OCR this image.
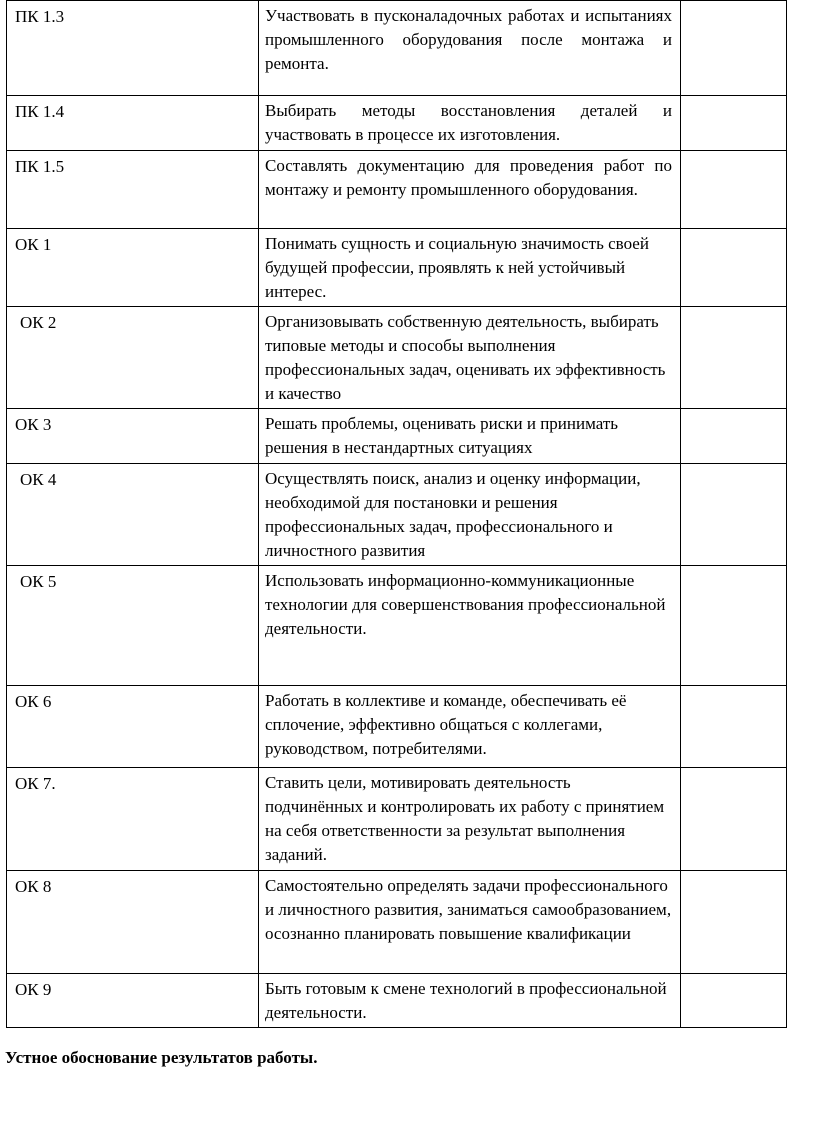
ПК 1.3	Участвовать в пусконаладочных работах и испытаниях промышленного оборудования после монтажа и ремонта.	
ПК 1.4	Выбирать методы восстановления деталей и участвовать в процессе их изготовления.	
ПК 1.5	Составлять документацию для проведения работ по монтажу и ремонту промышленного оборудования.	
ОК 1	Понимать сущность и социальную значимость своей будущей профессии, проявлять к ней устойчивый интерес.	
ОК 2	Организовывать собственную деятельность, выбирать типовые методы и способы выполнения профессиональных задач, оценивать их эффективность и качество	
ОК 3	Решать проблемы, оценивать риски и принимать решения в нестандартных ситуациях	
ОК 4	Осуществлять поиск, анализ и оценку информации, необходимой для постановки и решения профессиональных задач, профессионального и личностного развития	
ОК 5	Использовать информационно-коммуникационные технологии для совершенствования профессиональной деятельности.	
ОК 6	Работать в коллективе и команде, обеспечивать её сплочение, эффективно общаться с коллегами, руководством, потребителями.	
ОК 7.	Ставить цели, мотивировать деятельность подчинённых и контролировать их работу с принятием на себя ответственности за результат выполнения заданий.	
ОК 8	Самостоятельно определять задачи профессионального и личностного развития, заниматься самообразованием, осознанно планировать повышение квалификации	
ОК 9	Быть готовым к смене технологий в профессиональной деятельности.	
Устное обоснование результатов работы.
